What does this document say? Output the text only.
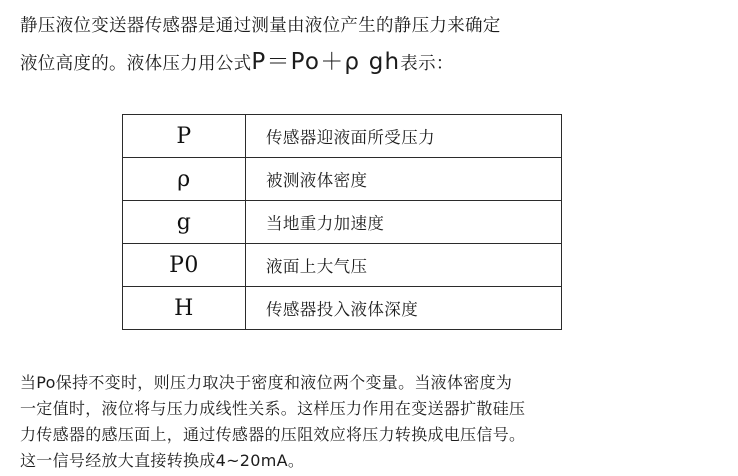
静压液位变送器传感器是通过测量由液位产生的静压力来确定
液位高度的。液体压力用公式P＝Po＋ρ gh表示：
P	传感器迎液面所受压力
ρ	被测液体密度
g	当地重力加速度
P0	液面上大气压
H	传感器投入液体深度

当Po保持不变时，则压力取决于密度和液位两个变量。当液体密度为

一定值时，液位将与压力成线性关系。这样压力作用在变送器扩散硅压

力传感器的感压面上，通过传感器的压阻效应将压力转换成电压信号。

这一信号经放大直接转换成4~20mA。
